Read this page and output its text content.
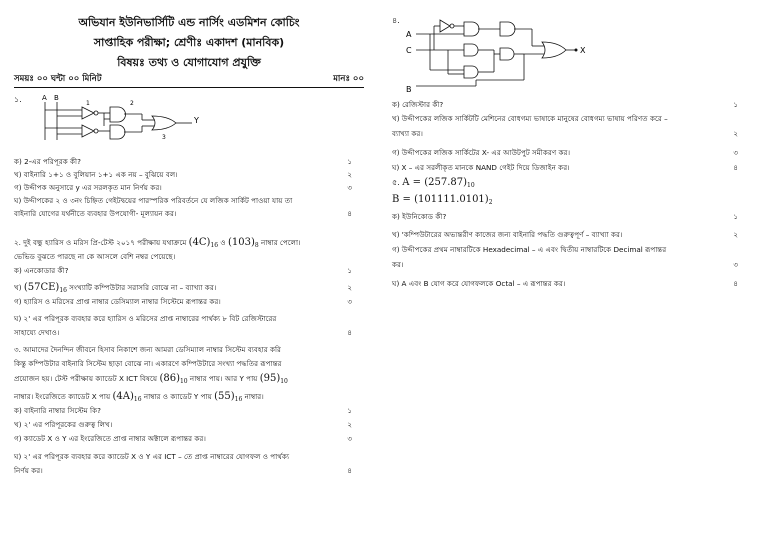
অভিযান ইউনিভার্সিটি এন্ড নার্সিং এডমিশন কোচিং
সাপ্তাহিক পরীক্ষা; শ্রেণীঃ একাদশ (মানবিক)
বিষয়ঃ তথ্য ও যোগাযোগ প্রযুক্তি
সময়ঃ ০০ ঘন্টা ০০ মিনিট	মানঃ ০০
১.	A B
1	2
Y
3
ক) 2-এর পরিপূরক কী?	১
খ) বাইনারি ১+১ ও বুলিয়ান ১+১ এক নয় – বুঝিয়ে বল।	২
গ) উদ্দীপক অনুসারে y এর সরলকৃত মান নির্ণয় কর।	৩
ঘ) উদ্দীপকের ২ ও ৩নং চিহ্নিত গেইটদ্বয়ের পারস্পরিক পরিবর্তনে যে লজিক সার্কিট পাওয়া যায় তা
বাইনারি যোগের যর্থনীতে ব্যবহার উপযোগী- মূল্যায়ন কর।	৪
২. দুই বন্ধু হ্যারিস ও মরিস প্রি-টেস্ট ২০১৭ পরীক্ষায় যথাক্রমে $(4C)_{16}$ ও $(103)_8$ নাম্বার পেলো।
ভেভিড বুঝতে পারছে না কে আসলে বেশি নম্বর পেয়েছে।
ক) এনকোডার কী?	১
খ) $(57CE)_{16}$ সংখ্যাটি কম্পিউটার সরাসরি বোঝে না – ব্যাখ্যা কর।	২
গ) হ্যারিস ও মরিসের প্রাপ্ত নাম্বার ডেসিম্যাল নাম্বার সিস্টেমে রূপান্তর কর।	৩
ঘ) ২' এর পরিপূরক ব্যবহার করে হ্যারিস ও মরিসের প্রাপ্ত নাম্বারের পার্থক্য ৮ বিট রেজিস্টারের
সাহায্যে দেখাও।	৪
৩. আমাদের দৈনন্দিন জীবনে হিসাব নিকাশে জন্য আমরা ডেসিম্যাল নাম্বার সিস্টেম ব্যবহার করি
কিন্তু কম্পিউটার বাইনারি সিস্টেম ছাড়া বোঝে না। একারণে কম্পিউটারে সংখ্যা পদ্ধতির রূপান্তর
প্রয়োজন হয়। টেস্ট পরীক্ষায় ক্যাডেট X ICT বিষয়ে $(86)_{10}$ নাম্বার পায়। আর Y পায় $(95)_{10}$
নাম্বার। ইংরেজিতে ক্যাডেট X পায় $(4A)_{16}$ নাম্বার ও ক্যাডেট Y পায় $(55)_{16}$ নাম্বার।
ক) বাইনারি নাম্বার সিস্টেম কি?	১
খ) ২' এর পরিপূরকের গুরুত্ব লিখ।	২
গ) ক্যাডেট X ও Y এর ইংরেজিতে প্রাপ্ত নাম্বার অক্টালে রূপান্তর কর।	৩
ঘ) ২' এর পরিপূরক ব্যবহার করে ক্যাডেট X ও Y এর ICT – তে প্রাপ্ত নাম্বারের যোগফল ও পার্থক্য
নির্ণয় কর।	৪
৪.
A
C
B
X
ক) রেজিস্টার কী?	১
খ) উদ্দীপকের লজিক সার্কিটটি মেশিনের বোধগম্য ভাষাকে মানুষের বোধগম্য ভাষায় পরিণত করে –
ব্যাখ্যা কর।	২
গ) উদ্দীপকের লজিক সার্কিটের X- এর আউটপুট সমীকরণ কর।	৩
ঘ) X – এর সরলীকৃত মানকে NAND গেইট দিয়ে ডিজাইন কর।	৪
ক) ইউনিকোড কী?	১
খ) 'কম্পিউটারের অভ্যন্তরীণ কাজের জন্য বাইনারি পদ্ধতি গুরুত্বপূর্ণ – ব্যাখ্যা কর।	২
গ) উদ্দীপকের প্রথম নাম্বারটিকে Hexadecimal – এ এবং দ্বিতীয় নাম্বারটিকে Decimal রূপান্তর
কর।	৩
ঘ) A এবং B যোগ করে যোগফলকে Octal – এ রূপান্তর কর।	৪
৫. $A = (257.87)_{10}$
$B = (101111.0101)_2$
